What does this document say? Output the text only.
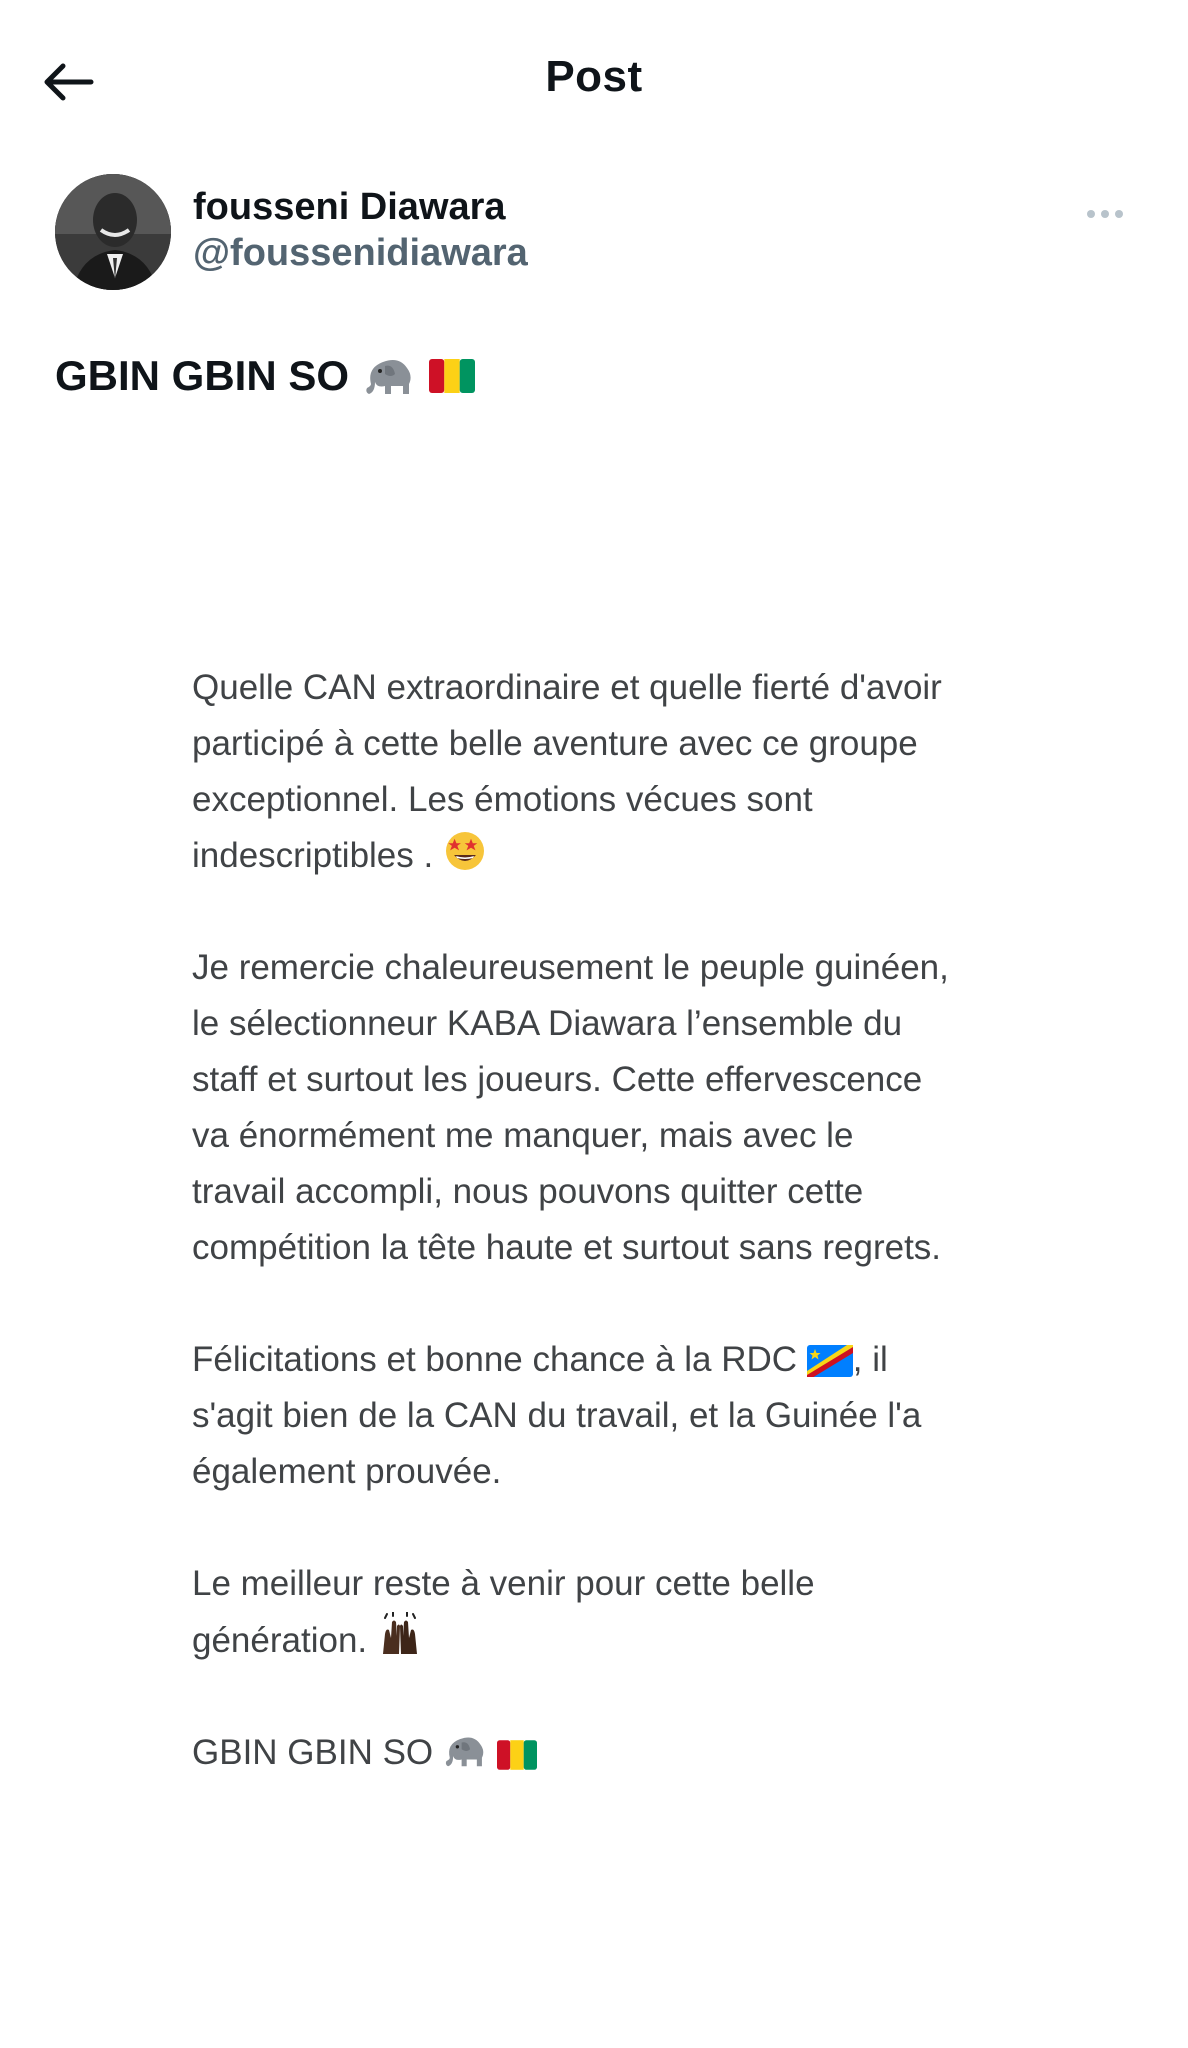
Post
fousseni Diawara
@foussenidiawara
GBIN GBIN SO

Quelle CAN extraordinaire et quelle fierté d'avoir
participé à cette belle aventure avec ce groupe
exceptionnel. Les émotions vécues sont
indescriptibles .

Je remercie chaleureusement le peuple guinéen,
le sélectionneur KABA Diawara l’ensemble du
staff et surtout les joueurs. Cette effervescence
va énormément me manquer, mais avec le
travail accompli, nous pouvons quitter cette
compétition la tête haute et surtout sans regrets.

Félicitations et bonne chance à la RDC , il
s'agit bien de la CAN du travail, et la Guinée l'a
également prouvée.

Le meilleur reste à venir pour cette belle
génération.

GBIN GBIN SO
